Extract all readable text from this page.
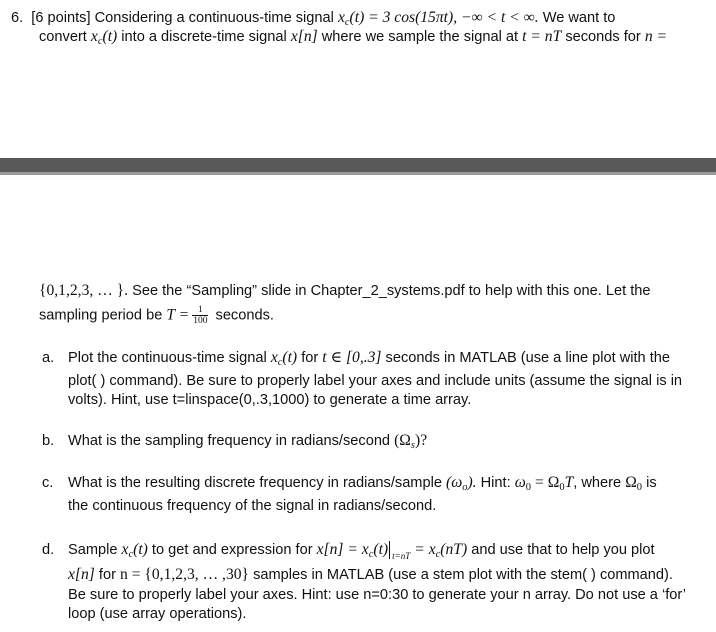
6. [6 points] Considering a continuous-time signal $x_c(t) = 3$ cos(15πt), −∞ < t < ∞. We want to
convert $x_c(t)$ into a discrete-time signal x[n] where we sample the signal at t = nT seconds for n =
{0,1,2,3, … }. See the “Sampling” slide in Chapter_2_systems.pdf to help with this one. Let the
sampling period be $T = \frac{1}{100}$ seconds.
a. Plot the continuous-time signal $x_c(t)$ for t ∈ [0,.3] seconds in MATLAB (use a line plot with the
plot( ) command). Be sure to properly label your axes and include units (assume the signal is in
volts). Hint, use t=linspace(0,.3,1000) to generate a time array.
b. What is the sampling frequency in radians/second $(\Omega_s)$?
c. What is the resulting discrete frequency in radians/sample $(\omega_o)$. Hint: $\omega_0 = \Omega_0T$, where $\Omega_0$ is
the continuous frequency of the signal in radians/second.
d. Sample $x_c(t)$ to get and expression for $x[n] = x_c(t) _{t=nT} = x_c(nT)$ and use that to help you plot
x[n] for n = {0,1,2,3, … ,30} samples in MATLAB (use a stem plot with the stem( ) command).
Be sure to properly label your axes. Hint: use n=0:30 to generate your n array. Do not use a ‘for’
loop (use array operations).
